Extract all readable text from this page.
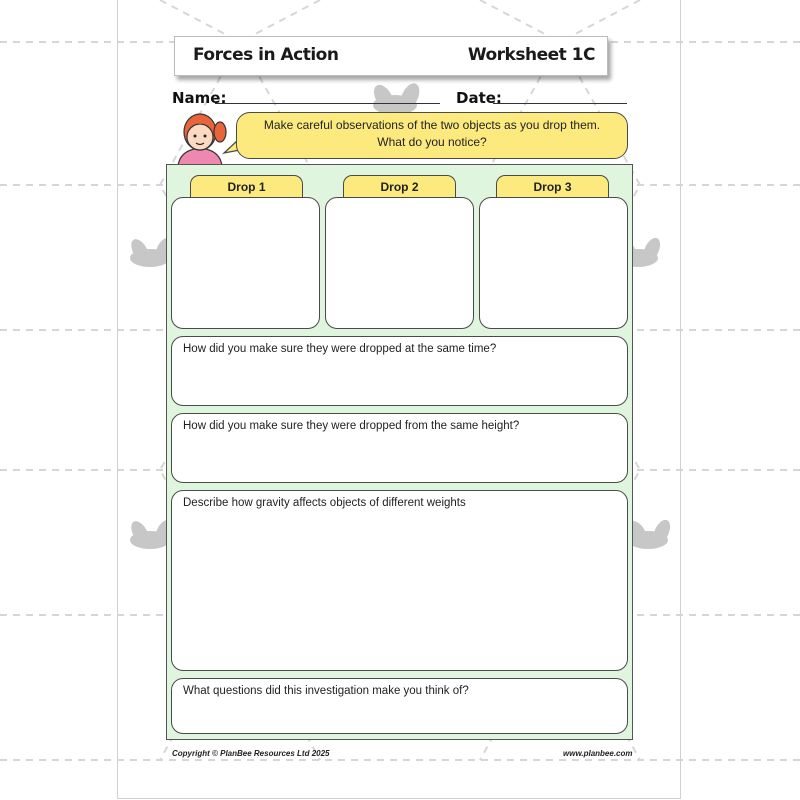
Forces in Action	Worksheet 1C
Name:	Date:
Make careful observations of the two objects as you drop them. What do you notice?
Drop 1	Drop 2	Drop 3
How did you make sure they were dropped at the same time?
How did you make sure they were dropped from the same height?
Describe how gravity affects objects of different weights
What questions did this investigation make you think of?
Copyright © PlanBee Resources Ltd 2025	www.planbee.com
